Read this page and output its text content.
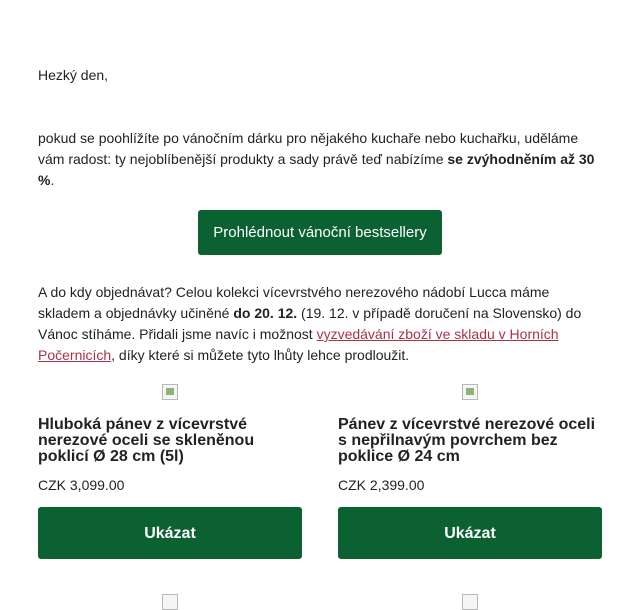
Hezký den,

pokud se poohlížíte po vánočním dárku pro nějakého kuchaře nebo kuchařku, uděláme vám radost: ty nejoblíbenější produkty a sady právě teď nabízíme se zvýhodněním až 30 %.

Prohlédnout vánoční bestsellery

A do kdy objednávat? Celou kolekci vícevrstvého nerezového nádobí Lucca máme skladem a objednávky učiněné do 20. 12. (19. 12. v případě doručení na Slovensko) do Vánoc stíháme. Přidali jsme navíc i možnost vyzvedávání zboží ve skladu v Horních Počernicích, díky které si můžete tyto lhůty lehce prodloužit.

Hluboká pánev z vícevrstvé nerezové oceli se skleněnou poklicí Ø 28 cm (5l)
CZK 3,099.00
Ukázat
Pánev z vícevrstvé nerezové oceli s nepřilnavým povrchem bez poklice Ø 24 cm
CZK 2,399.00
Ukázat
